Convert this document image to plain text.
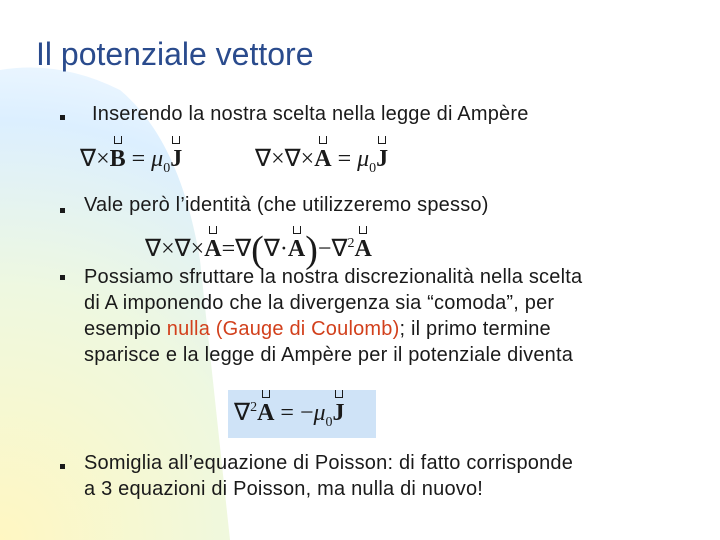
Il potenziale vettore
Inserendo la nostra scelta nella legge di Ampère
∇×
$B = \mu_0$
J	∇×∇×
$A = \mu_0$
J
Vale però l’identità (che utilizzeremo spesso)
∇×∇×
A=∇(∇·
A)−∇$^2$
A
Possiamo sfruttare la nostra discrezionalità nella scelta
di A imponendo che la divergenza sia “comoda”, per
esempio nulla (Gauge di Coulomb); il primo termine
sparisce e la legge di Ampère per il potenziale diventa
∇$^2$
$A = -\mu_0$
J
Somiglia all’equazione di Poisson: di fatto corrisponde
a 3 equazioni di Poisson, ma nulla di nuovo!
